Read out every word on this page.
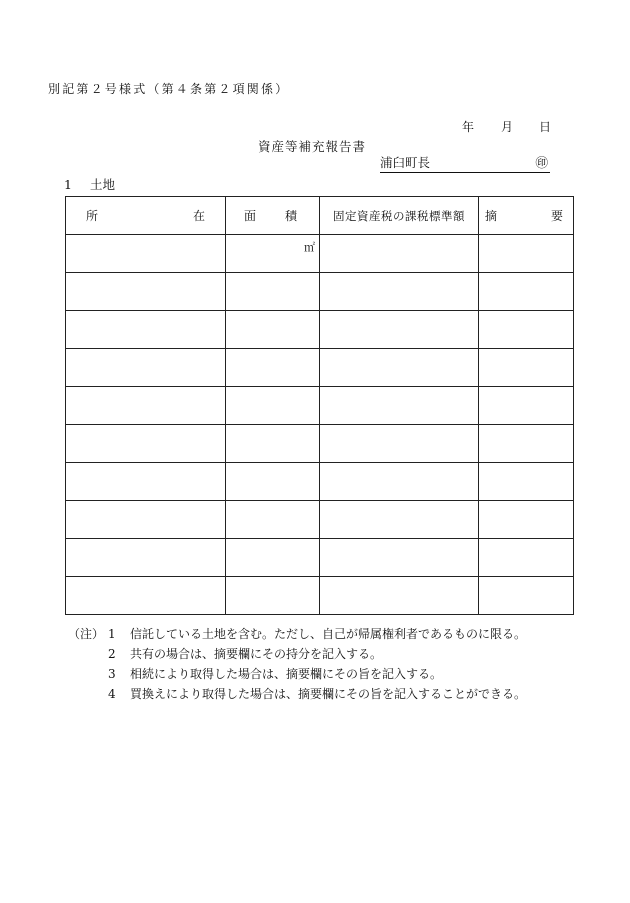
別記第２号様式（第４条第２項関係）
年 月 日
資産等補充報告書
浦臼町長	㊞
1 土地
所 在	面 積	固定資産税の課税標準額	摘 要

	㎡		

（注） 1	信託している土地を含む。ただし、自己が帰属権利者であるものに限る。
2	共有の場合は、摘要欄にその持分を記入する。
3	相続により取得した場合は、摘要欄にその旨を記入する。
4	買換えにより取得した場合は、摘要欄にその旨を記入することができる。
